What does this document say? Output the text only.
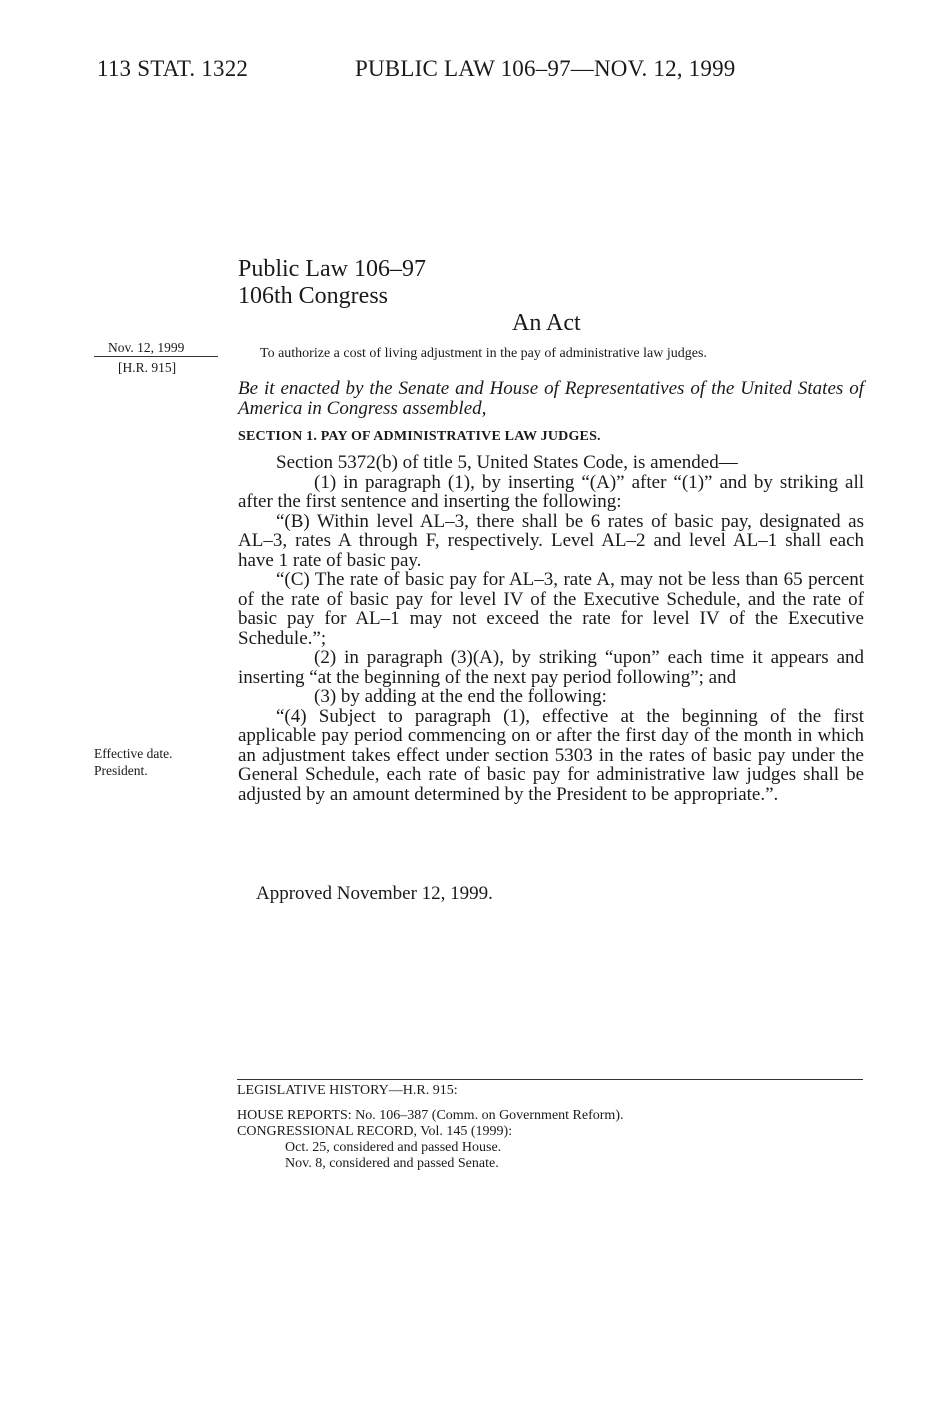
113 STAT. 1322	PUBLIC LAW 106–97—NOV. 12, 1999
Public Law 106–97
106th Congress
An Act
Nov. 12, 1999
[H.R. 915]
To authorize a cost of living adjustment in the pay of administrative law judges.
Be it enacted by the Senate and House of Representatives of the United States of America in Congress assembled,
SECTION 1. PAY OF ADMINISTRATIVE LAW JUDGES.

Section 5372(b) of title 5, United States Code, is amended—

(1) in paragraph (1), by inserting “(A)” after “(1)” and by striking all after the first sentence and inserting the following:

“(B) Within level AL–3, there shall be 6 rates of basic pay, designated as AL–3, rates A through F, respectively. Level AL–2 and level AL–1 shall each have 1 rate of basic pay.

“(C) The rate of basic pay for AL–3, rate A, may not be less than 65 percent of the rate of basic pay for level IV of the Executive Schedule, and the rate of basic pay for AL–1 may not exceed the rate for level IV of the Executive Schedule.”;

(2) in paragraph (3)(A), by striking “upon” each time it appears and inserting “at the beginning of the next pay period following”; and

(3) by adding at the end the following:

“(4) Subject to paragraph (1), effective at the beginning of the first applicable pay period commencing on or after the first day of the month in which an adjustment takes effect under section 5303 in the rates of basic pay under the General Schedule, each rate of basic pay for administrative law judges shall be adjusted by an amount determined by the President to be appropriate.”.

Effective date.
President.
Approved November 12, 1999.
LEGISLATIVE HISTORY—H.R. 915:
HOUSE REPORTS: No. 106–387 (Comm. on Government Reform).
CONGRESSIONAL RECORD, Vol. 145 (1999):
Oct. 25, considered and passed House.
Nov. 8, considered and passed Senate.
